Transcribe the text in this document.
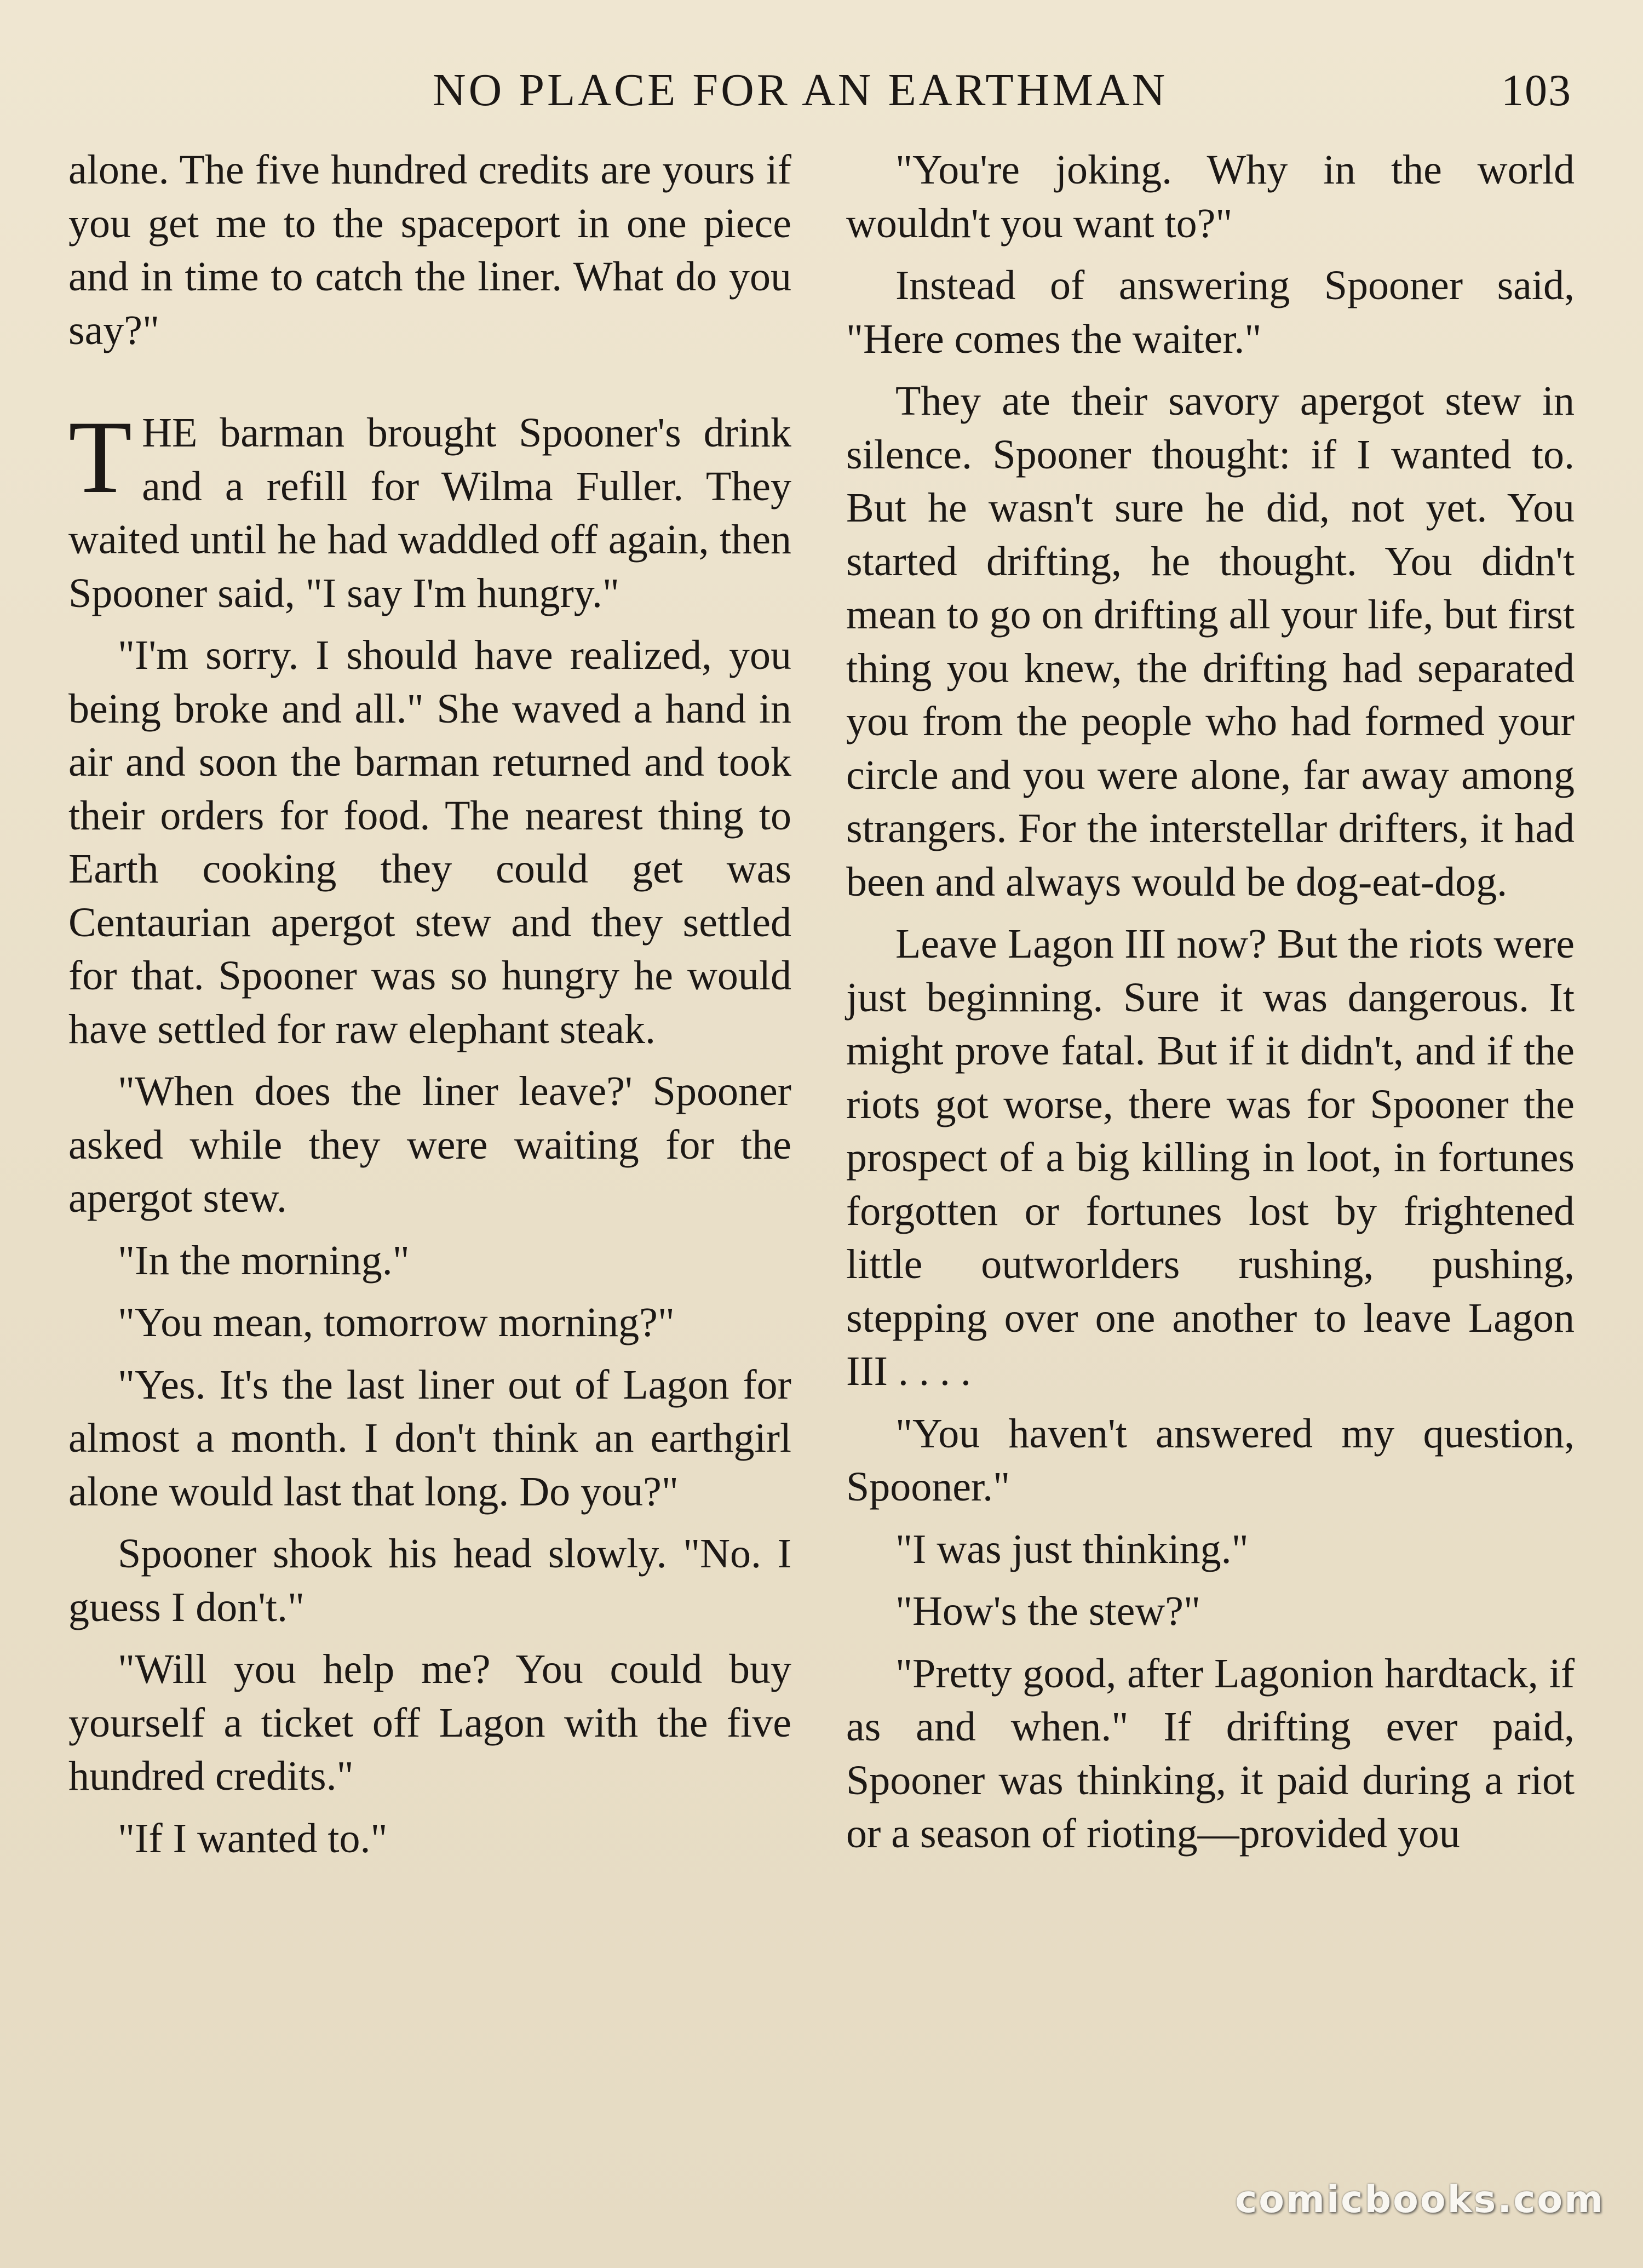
NO PLACE FOR AN EARTHMAN	103

alone. The five hundred credits are yours if you get me to the spaceport in one piece and in time to catch the liner. What do you say?"

THE barman brought Spooner's drink and a refill for Wilma Fuller. They waited until he had waddled off again, then Spooner said, "I say I'm hungry."

"I'm sorry. I should have realized, you being broke and all." She waved a hand in air and soon the barman returned and took their orders for food. The nearest thing to Earth cooking they could get was Centaurian apergot stew and they settled for that. Spooner was so hungry he would have settled for raw elephant steak.

"When does the liner leave?' Spooner asked while they were waiting for the apergot stew.

"In the morning."

"You mean, tomorrow morning?"

"Yes. It's the last liner out of Lagon for almost a month. I don't think an earthgirl alone would last that long. Do you?"

Spooner shook his head slowly. "No. I guess I don't."

"Will you help me? You could buy yourself a ticket off Lagon with the five hundred credits."

"If I wanted to."

"You're joking. Why in the world wouldn't you want to?"

Instead of answering Spooner said, "Here comes the waiter."

They ate their savory apergot stew in silence. Spooner thought: if I wanted to. But he wasn't sure he did, not yet. You started drifting, he thought. You didn't mean to go on drifting all your life, but first thing you knew, the drifting had separated you from the people who had formed your circle and you were alone, far away among strangers. For the interstellar drifters, it had been and always would be dog-eat-dog.

Leave Lagon III now? But the riots were just beginning. Sure it was dangerous. It might prove fatal. But if it didn't, and if the riots got worse, there was for Spooner the prospect of a big killing in loot, in fortunes forgotten or fortunes lost by frightened little outworlders rushing, pushing, stepping over one another to leave Lagon III . . . .

"You haven't answered my question, Spooner."

"I was just thinking."

"How's the stew?"

"Pretty good, after Lagonion hardtack, if as and when." If drifting ever paid, Spooner was thinking, it paid during a riot or a season of rioting—provided you

comicbooks.com
